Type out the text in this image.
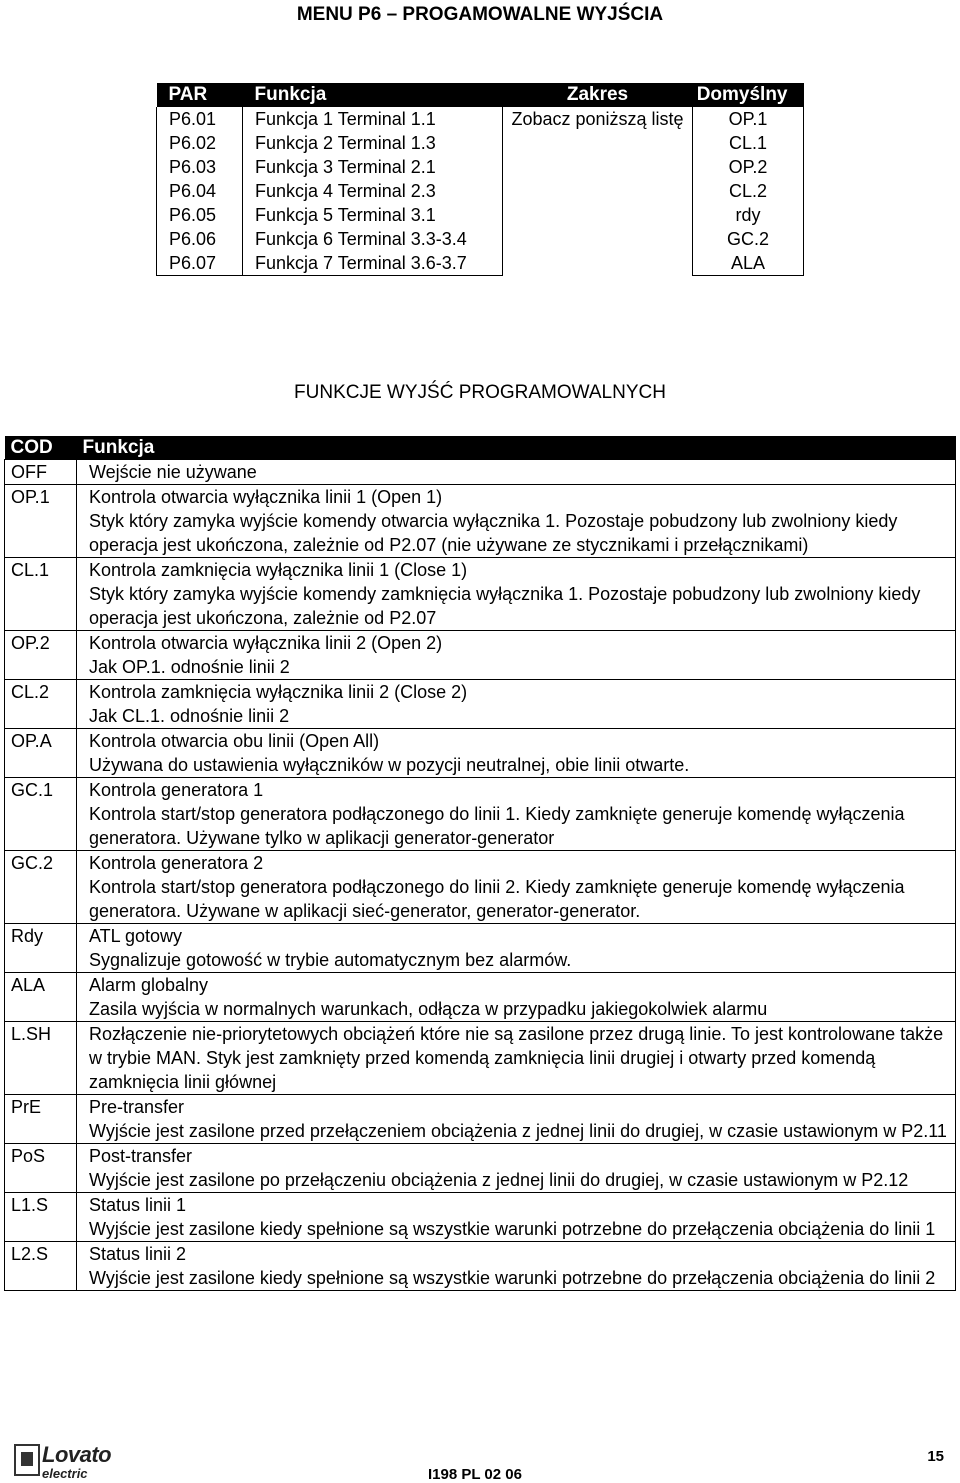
MENU P6 – PROGAMOWALNE WYJŚCIA
PAR	Funkcja	Zakres	Domyślny
P6.01	Funkcja 1 Terminal 1.1	Zobacz poniższą listę	OP.1
P6.02	Funkcja 2 Terminal 1.3		CL.1
P6.03	Funkcja 3 Terminal 2.1		OP.2
P6.04	Funkcja 4 Terminal 2.3		CL.2
P6.05	Funkcja 5 Terminal 3.1		rdy
P6.06	Funkcja 6 Terminal 3.3-3.4		GC.2
P6.07	Funkcja 7 Terminal 3.6-3.7		ALA
FUNKCJE WYJŚĆ PROGRAMOWALNYCH
COD	Funkcja
OFF	Wejście nie używane

OP.1	Kontrola otwarcia wyłącznika linii 1 (Open 1)
Styk który zamyka wyjście komendy otwarcia wyłącznika 1. Pozostaje pobudzony lub zwolniony kiedy operacja jest ukończona, zależnie od P2.07 (nie używane ze stycznikami i przełącznikami)

CL.1	Kontrola zamknięcia wyłącznika linii 1 (Close 1)
Styk który zamyka wyjście komendy zamknięcia wyłącznika 1. Pozostaje pobudzony lub zwolniony kiedy operacja jest ukończona, zależnie od P2.07

OP.2	Kontrola otwarcia wyłącznika linii 2 (Open 2)
Jak OP.1. odnośnie linii 2

CL.2	Kontrola zamknięcia wyłącznika linii 2 (Close 2)
Jak CL.1. odnośnie linii 2

OP.A	Kontrola otwarcia obu linii (Open All)
Używana do ustawienia wyłączników w pozycji neutralnej, obie linii otwarte.

GC.1	Kontrola generatora 1
Kontrola start/stop generatora podłączonego do linii 1. Kiedy zamknięte generuje komendę wyłączenia generatora. Używane tylko w aplikacji generator-generator

GC.2	Kontrola generatora 2
Kontrola start/stop generatora podłączonego do linii 2. Kiedy zamknięte generuje komendę wyłączenia generatora. Używane w aplikacji sieć-generator, generator-generator.

Rdy	ATL gotowy
Sygnalizuje gotowość w trybie automatycznym bez alarmów.

ALA	Alarm globalny
Zasila wyjścia w normalnych warunkach, odłącza w przypadku jakiegokolwiek alarmu

L.SH	Rozłączenie nie-priorytetowych obciążeń które nie są zasilone przez drugą linie. To jest kontrolowane także w trybie MAN. Styk jest zamknięty przed komendą zamknięcia linii drugiej i otwarty przed komendą zamknięcia linii głównej

PrE	Pre-transfer
Wyjście jest zasilone przed przełączeniem obciążenia z jednej linii do drugiej, w czasie ustawionym w P2.11

PoS	Post-transfer
Wyjście jest zasilone po przełączeniu obciążenia z jednej linii do drugiej, w czasie ustawionym w P2.12

L1.S	Status linii 1
Wyjście jest zasilone kiedy spełnione są wszystkie warunki potrzebne do przełączenia obciążenia do linii 1

L2.S	Status linii 2
Wyjście jest zasilone kiedy spełnione są wszystkie warunki potrzebne do przełączenia obciążenia do linii 2
Lovato
electric
15
I198 PL 02 06
